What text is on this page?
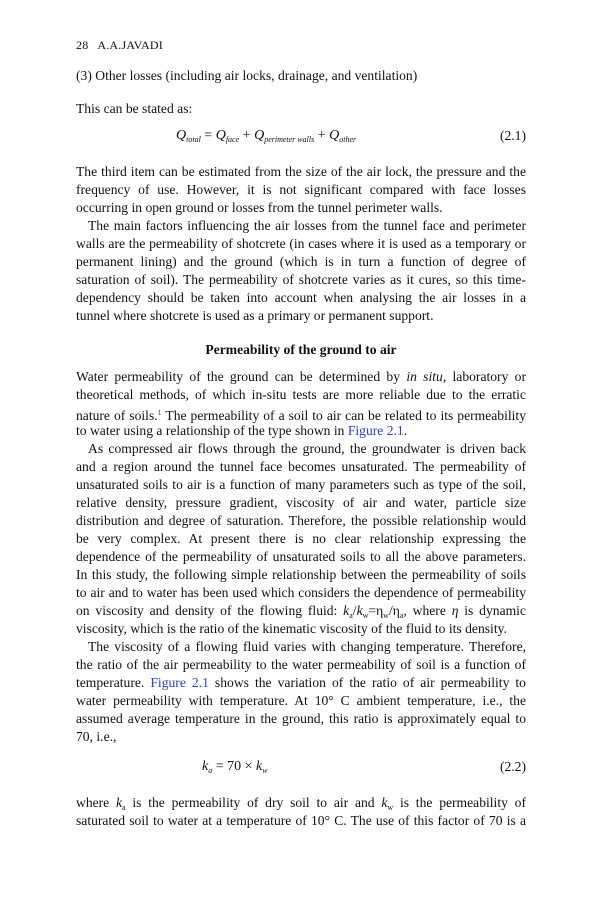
28 A.A.JAVADI
(3) Other losses (including air locks, drainage, and ventilation)
This can be stated as:
$Q_{total} = Q_{face} + Q_{perimeter walls} + Q_{other}$	(2.1)
The third item can be estimated from the size of the air lock, the pressure and the
frequency of use. However, it is not significant compared with face losses
occurring in open ground or losses from the tunnel perimeter walls.
The main factors influencing the air losses from the tunnel face and perimeter
walls are the permeability of shotcrete (in cases where it is used as a temporary or
permanent lining) and the ground (which is in turn a function of degree of
saturation of soil). The permeability of shotcrete varies as it cures, so this time-
dependency should be taken into account when analysing the air losses in a
tunnel where shotcrete is used as a primary or permanent support.
Permeability of the ground to air
Water permeability of the ground can be determined by in situ, laboratory or
theoretical methods, of which in-situ tests are more reliable due to the erratic
nature of soils.$^1$ The permeability of a soil to air can be related to its permeability
to water using a relationship of the type shown in Figure 2.1.
As compressed air flows through the ground, the groundwater is driven back
and a region around the tunnel face becomes unsaturated. The permeability of
unsaturated soils to air is a function of many parameters such as type of the soil,
relative density, pressure gradient, viscosity of air and water, particle size
distribution and degree of saturation. Therefore, the possible relationship would
be very complex. At present there is no clear relationship expressing the
dependence of the permeability of unsaturated soils to all the above parameters.
In this study, the following simple relationship between the permeability of soils
to air and to water has been used which considers the dependence of permeability
on viscosity and density of the flowing fluid: $k_a/k_w=\eta_w/\eta_a$, where η is dynamic
viscosity, which is the ratio of the kinematic viscosity of the fluid to its density.
The viscosity of a flowing fluid varies with changing temperature. Therefore,
the ratio of the air permeability to the water permeability of soil is a function of
temperature. Figure 2.1 shows the variation of the ratio of air permeability to
water permeability with temperature. At 10° C ambient temperature, i.e., the
assumed average temperature in the ground, this ratio is approximately equal to
70, i.e.,
$k_a = 70 \times k_w$	(2.2)
where $k_a$ is the permeability of dry soil to air and $k_w$ is the permeability of
saturated soil to water at a temperature of 10° C. The use of this factor of 70 is a
